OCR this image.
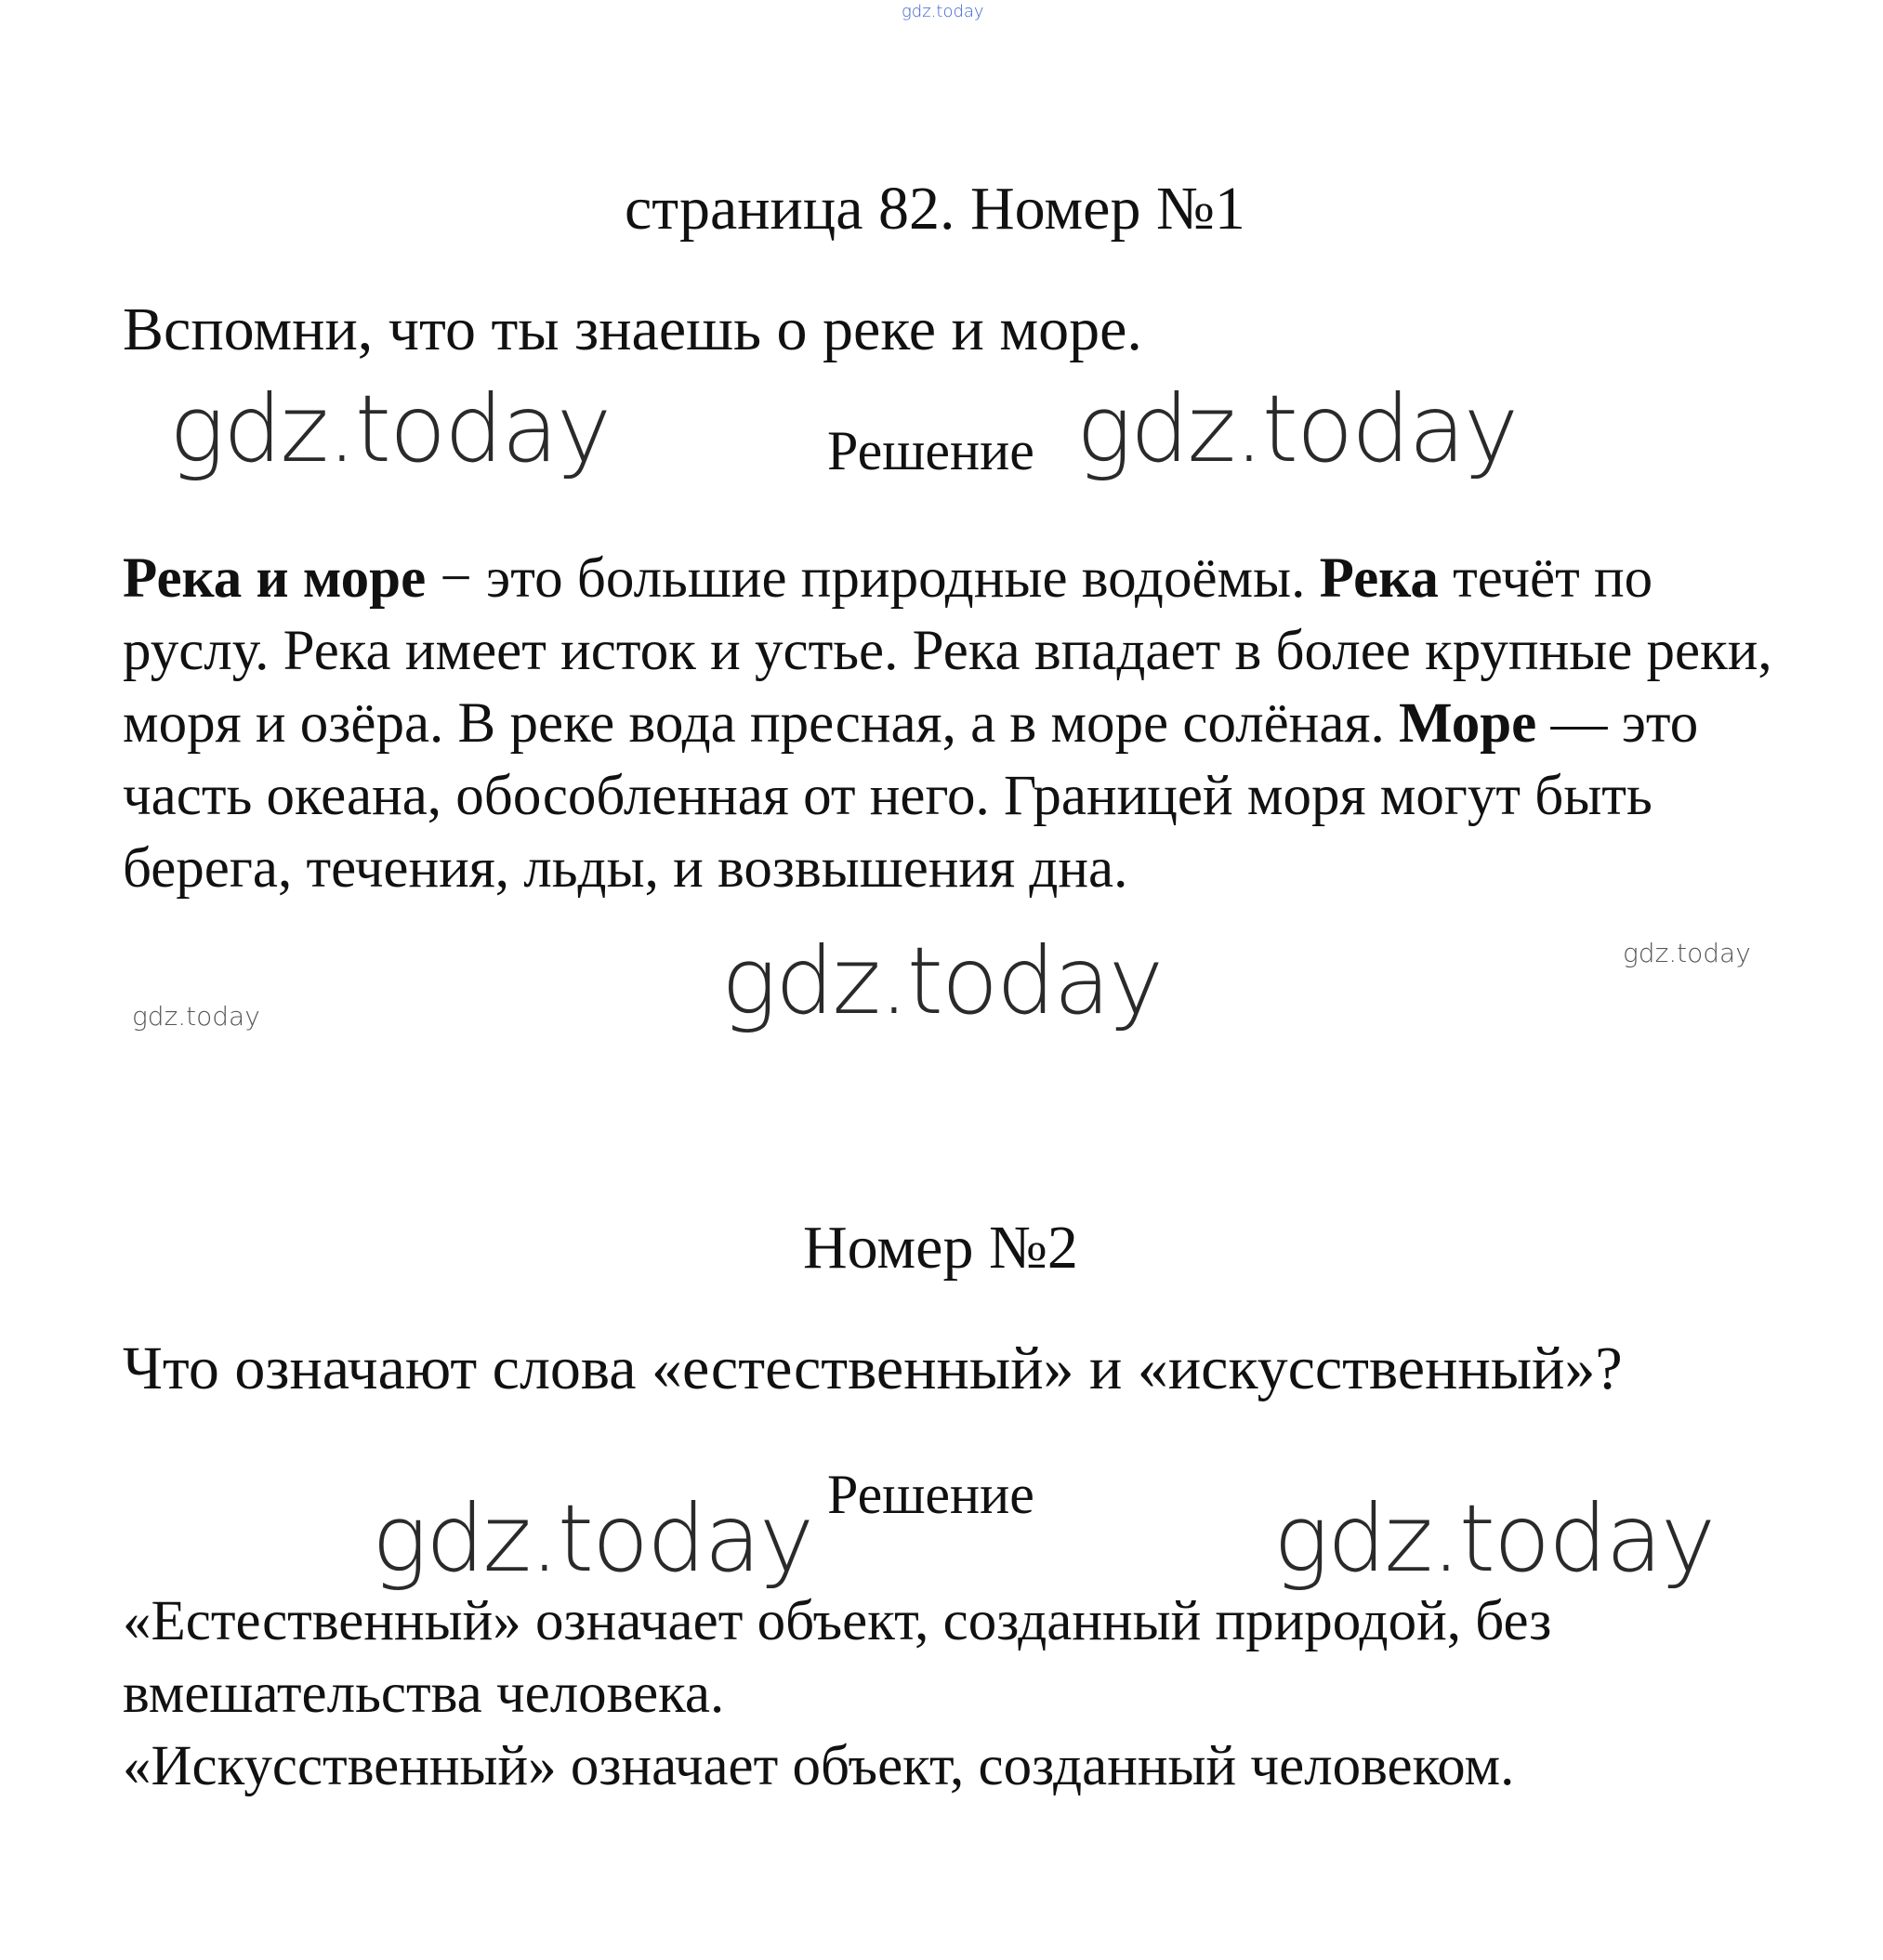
gdz.today
страница 82. Номер №1
Вспомни, что ты знаешь о реке и море.
gdz.today	Решение gdz.today
Река и море − это большие природные водоёмы. Река течёт по руслу. Река имеет исток и устье. Река впадает в более крупные реки, моря и озёра. В реке вода пресная, а в море солёная. Море — это часть океана, обособленная от него. Границей моря могут быть берега, течения, льды, и возвышения дна.
gdz.today
gdz.today
gdz.today
Номер №2
Что означают слова «естественный» и «искусственный»?
Решение
gdz.today	gdz.today
«Естественный» означает объект, созданный природой, без
вмешательства человека.
«Искусственный» означает объект, созданный человеком.
